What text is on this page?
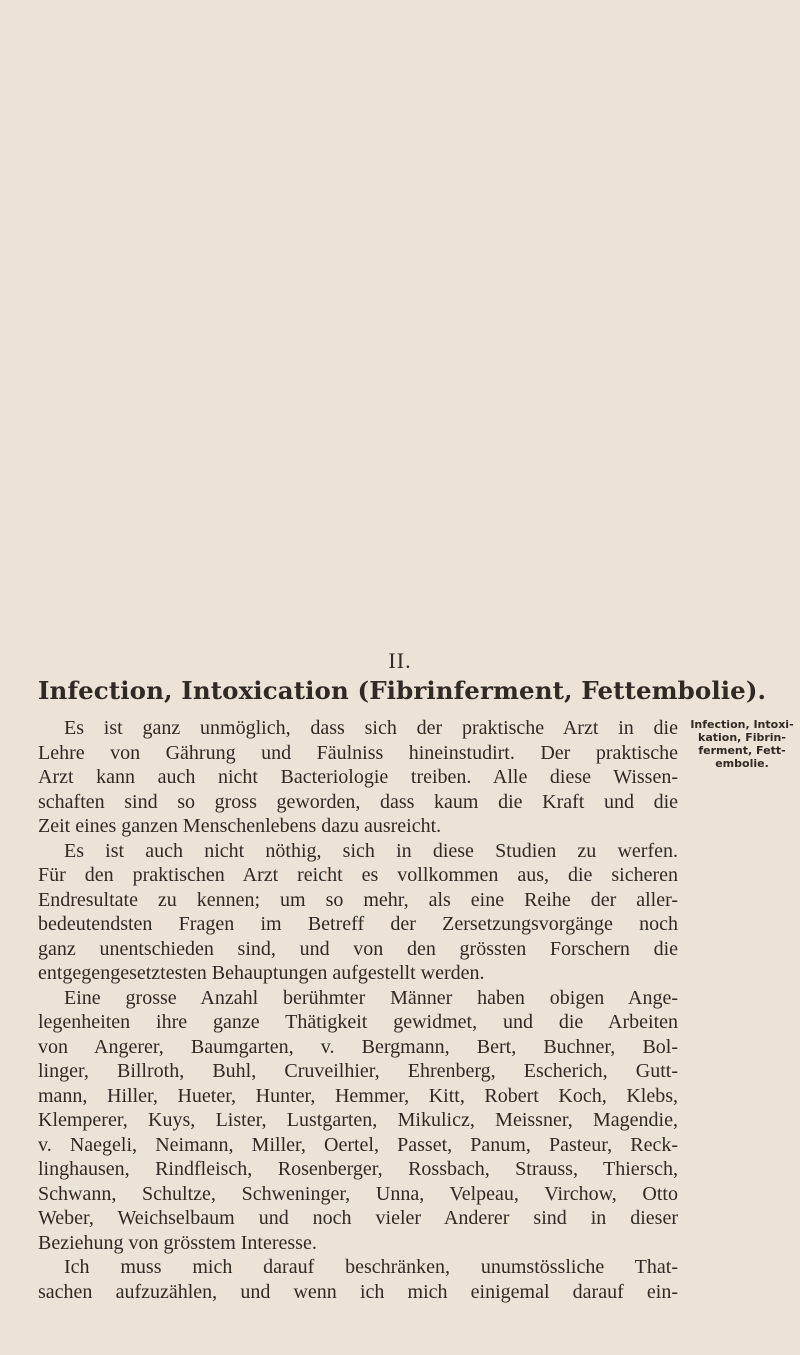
II.
Infection, Intoxication (Fibrinferment, Fettembolie).
Es ist ganz unmöglich, dass sich der praktische Arzt in die
Lehre von Gährung und Fäulniss hineinstudirt. Der praktische
Arzt kann auch nicht Bacteriologie treiben. Alle diese Wissen-
schaften sind so gross geworden, dass kaum die Kraft und die
Zeit eines ganzen Menschenlebens dazu ausreicht.
Es ist auch nicht nöthig, sich in diese Studien zu werfen.
Für den praktischen Arzt reicht es vollkommen aus, die sicheren
Endresultate zu kennen; um so mehr, als eine Reihe der aller-
bedeutendsten Fragen im Betreff der Zersetzungsvorgänge noch
ganz unentschieden sind, und von den grössten Forschern die
entgegengesetztesten Behauptungen aufgestellt werden.
Eine grosse Anzahl berühmter Männer haben obigen Ange-
legenheiten ihre ganze Thätigkeit gewidmet, und die Arbeiten
von Angerer, Baumgarten, v. Bergmann, Bert, Buchner, Bol-
linger, Billroth, Buhl, Cruveilhier, Ehrenberg, Escherich, Gutt-
mann, Hiller, Hueter, Hunter, Hemmer, Kitt, Robert Koch, Klebs,
Klemperer, Kuys, Lister, Lustgarten, Mikulicz, Meissner, Magendie,
v. Naegeli, Neimann, Miller, Oertel, Passet, Panum, Pasteur, Reck-
linghausen, Rindfleisch, Rosenberger, Rossbach, Strauss, Thiersch,
Schwann, Schultze, Schweninger, Unna, Velpeau, Virchow, Otto
Weber, Weichselbaum und noch vieler Anderer sind in dieser
Beziehung von grösstem Interesse.
Ich muss mich darauf beschränken, unumstössliche That-
sachen aufzuzählen, und wenn ich mich einigemal darauf ein-
Infection, Intoxi-
kation, Fibrin-
ferment, Fett-
embolie.
